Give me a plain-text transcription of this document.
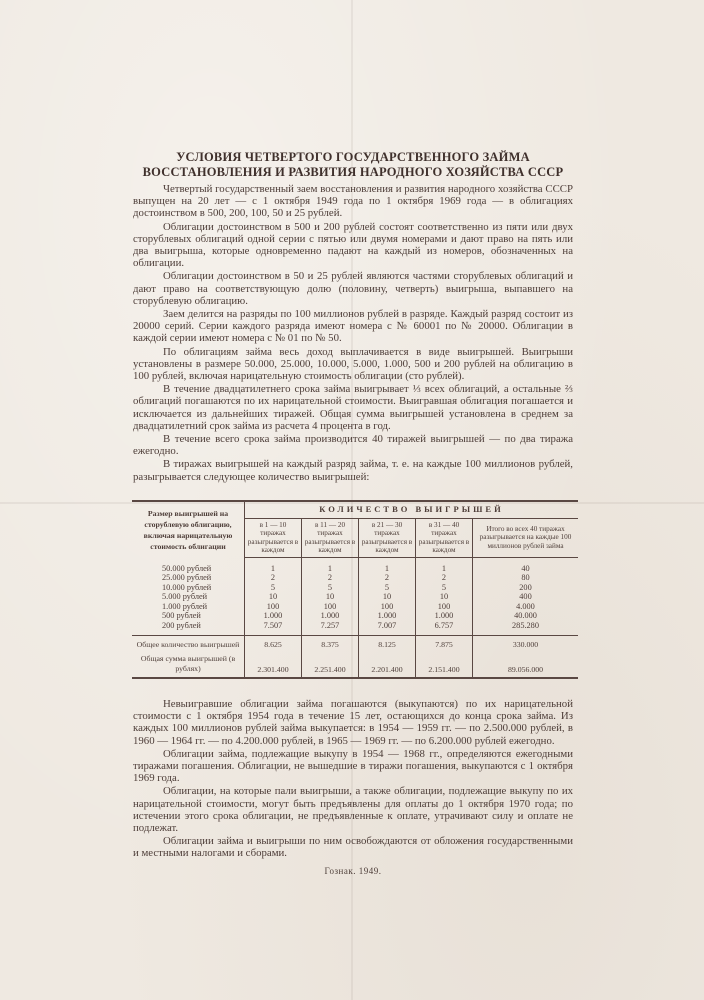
УСЛОВИЯ ЧЕТВЕРТОГО ГОСУДАРСТВЕННОГО ЗАЙМА
ВОССТАНОВЛЕНИЯ И РАЗВИТИЯ НАРОДНОГО ХОЗЯЙСТВА СССР

Четвертый государственный заем восстановления и развития народного хозяйства СССР выпущен на 20 лет — с 1 октября 1949 года по 1 октября 1969 года — в облигациях достоинством в 500, 200, 100, 50 и 25 рублей.

Облигации достоинством в 500 и 200 рублей состоят соответственно из пяти или двух сторублевых облигаций одной серии с пятью или двумя номерами и дают право на пять или два выигрыша, которые одновременно падают на каждый из номеров, обозначенных на облигации.

Облигации достоинством в 50 и 25 рублей являются частями сторублевых облигаций и дают право на соответствующую долю (половину, четверть) выигрыша, выпавшего на сторублевую облигацию.

Заем делится на разряды по 100 миллионов рублей в разряде. Каждый разряд состоит из 20000 серий. Серии каждого разряда имеют номера с № 60001 по № 20000. Облигации в каждой серии имеют номера с № 01 по № 50.

По облигациям займа весь доход выплачивается в виде выигрышей. Выигрыши установлены в размере 50.000, 25.000, 10.000, 5.000, 1.000, 500 и 200 рублей на облигацию в 100 рублей, включая нарицательную стоимость облигации (сто рублей).

В течение двадцатилетнего срока займа выигрывает ⅓ всех облигаций, а остальные ⅔ облигаций погашаются по их нарицательной стоимости. Выигравшая облигация погашается и исключается из дальнейших тиражей. Общая сумма выигрышей установлена в среднем за двадцатилетний срок займа из расчета 4 процента в год.

В течение всего срока займа производится 40 тиражей выигрышей — по два тиража ежегодно.

В тиражах выигрышей на каждый разряд займа, т. е. на каждые 100 миллионов рублей, разыгрывается следующее количество выигрышей:

Размер выигрышей на сторублевую облигацию, включая нарицательную стоимость облигации	КОЛИЧЕСТВО ВЫИГРЫШЕЙ				
	в 1 — 10 тиражах разыгрывается в каждом	в 11 — 20 тиражах разыгрывается в каждом	в 21 — 30 тиражах разыгрывается в каждом	в 31 — 40 тиражах разыгрывается в каждом	Итого во всех 40 тиражах разыгрывается на каждые 100 миллионов рублей займа
50.000 рублей	1	1	1	1	40
25.000 рублей	2	2	2	2	80
10.000 рублей	5	5	5	5	200
5.000 рублей	10	10	10	10	400
1.000 рублей	100	100	100	100	4.000
500 рублей	1.000	1.000	1.000	1.000	40.000
200 рублей	7.507	7.257	7.007	6.757	285.280
Общее количество выигрышей	8.625	8.375	8.125	7.875	330.000
Общая сумма выигрышей (в рублях)	2.301.400	2.251.400	2.201.400	2.151.400	89.056.000

Невыигравшие облигации займа погашаются (выкупаются) по их нарицательной стоимости с 1 октября 1954 года в течение 15 лет, остающихся до конца срока займа. Из каждых 100 миллионов рублей займа выкупается: в 1954 — 1959 гг. — по 2.500.000 рублей, в 1960 — 1964 гг. — по 4.200.000 рублей, в 1965 — 1969 гг. — по 6.200.000 рублей ежегодно.

Облигации займа, подлежащие выкупу в 1954 — 1968 гг., определяются ежегодными тиражами погашения. Облигации, не вышедшие в тиражи погашения, выкупаются с 1 октября 1969 года.

Облигации, на которые пали выигрыши, а также облигации, подлежащие выкупу по их нарицательной стоимости, могут быть предъявлены для оплаты до 1 октября 1970 года; по истечении этого срока облигации, не предъявленные к оплате, утрачивают силу и оплате не подлежат.

Облигации займа и выигрыши по ним освобождаются от обложения государственными и местными налогами и сборами.

Гознак. 1949.
